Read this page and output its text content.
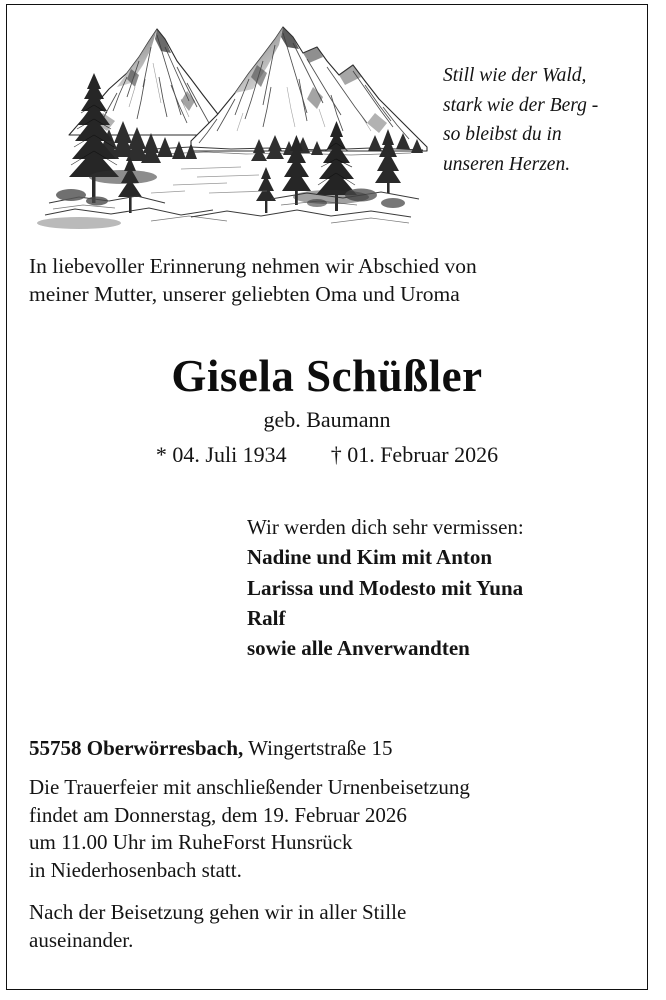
Still wie der Wald,
stark wie der Berg -
so bleibst du in
unseren Herzen.
In liebevoller Erinnerung nehmen wir Abschied von
meiner Mutter, unserer geliebten Oma und Uroma
Gisela Schüßler
geb. Baumann
* 04. Juli 1934 † 01. Februar 2026
Wir werden dich sehr vermissen:
Nadine und Kim mit Anton
Larissa und Modesto mit Yuna
Ralf
sowie alle Anverwandten
55758 Oberwörresbach, Wingertstraße 15
Die Trauerfeier mit anschließender Urnenbeisetzung
findet am Donnerstag, dem 19. Februar 2026
um 11.00 Uhr im RuheForst Hunsrück
in Niederhosenbach statt.
Nach der Beisetzung gehen wir in aller Stille
auseinander.
